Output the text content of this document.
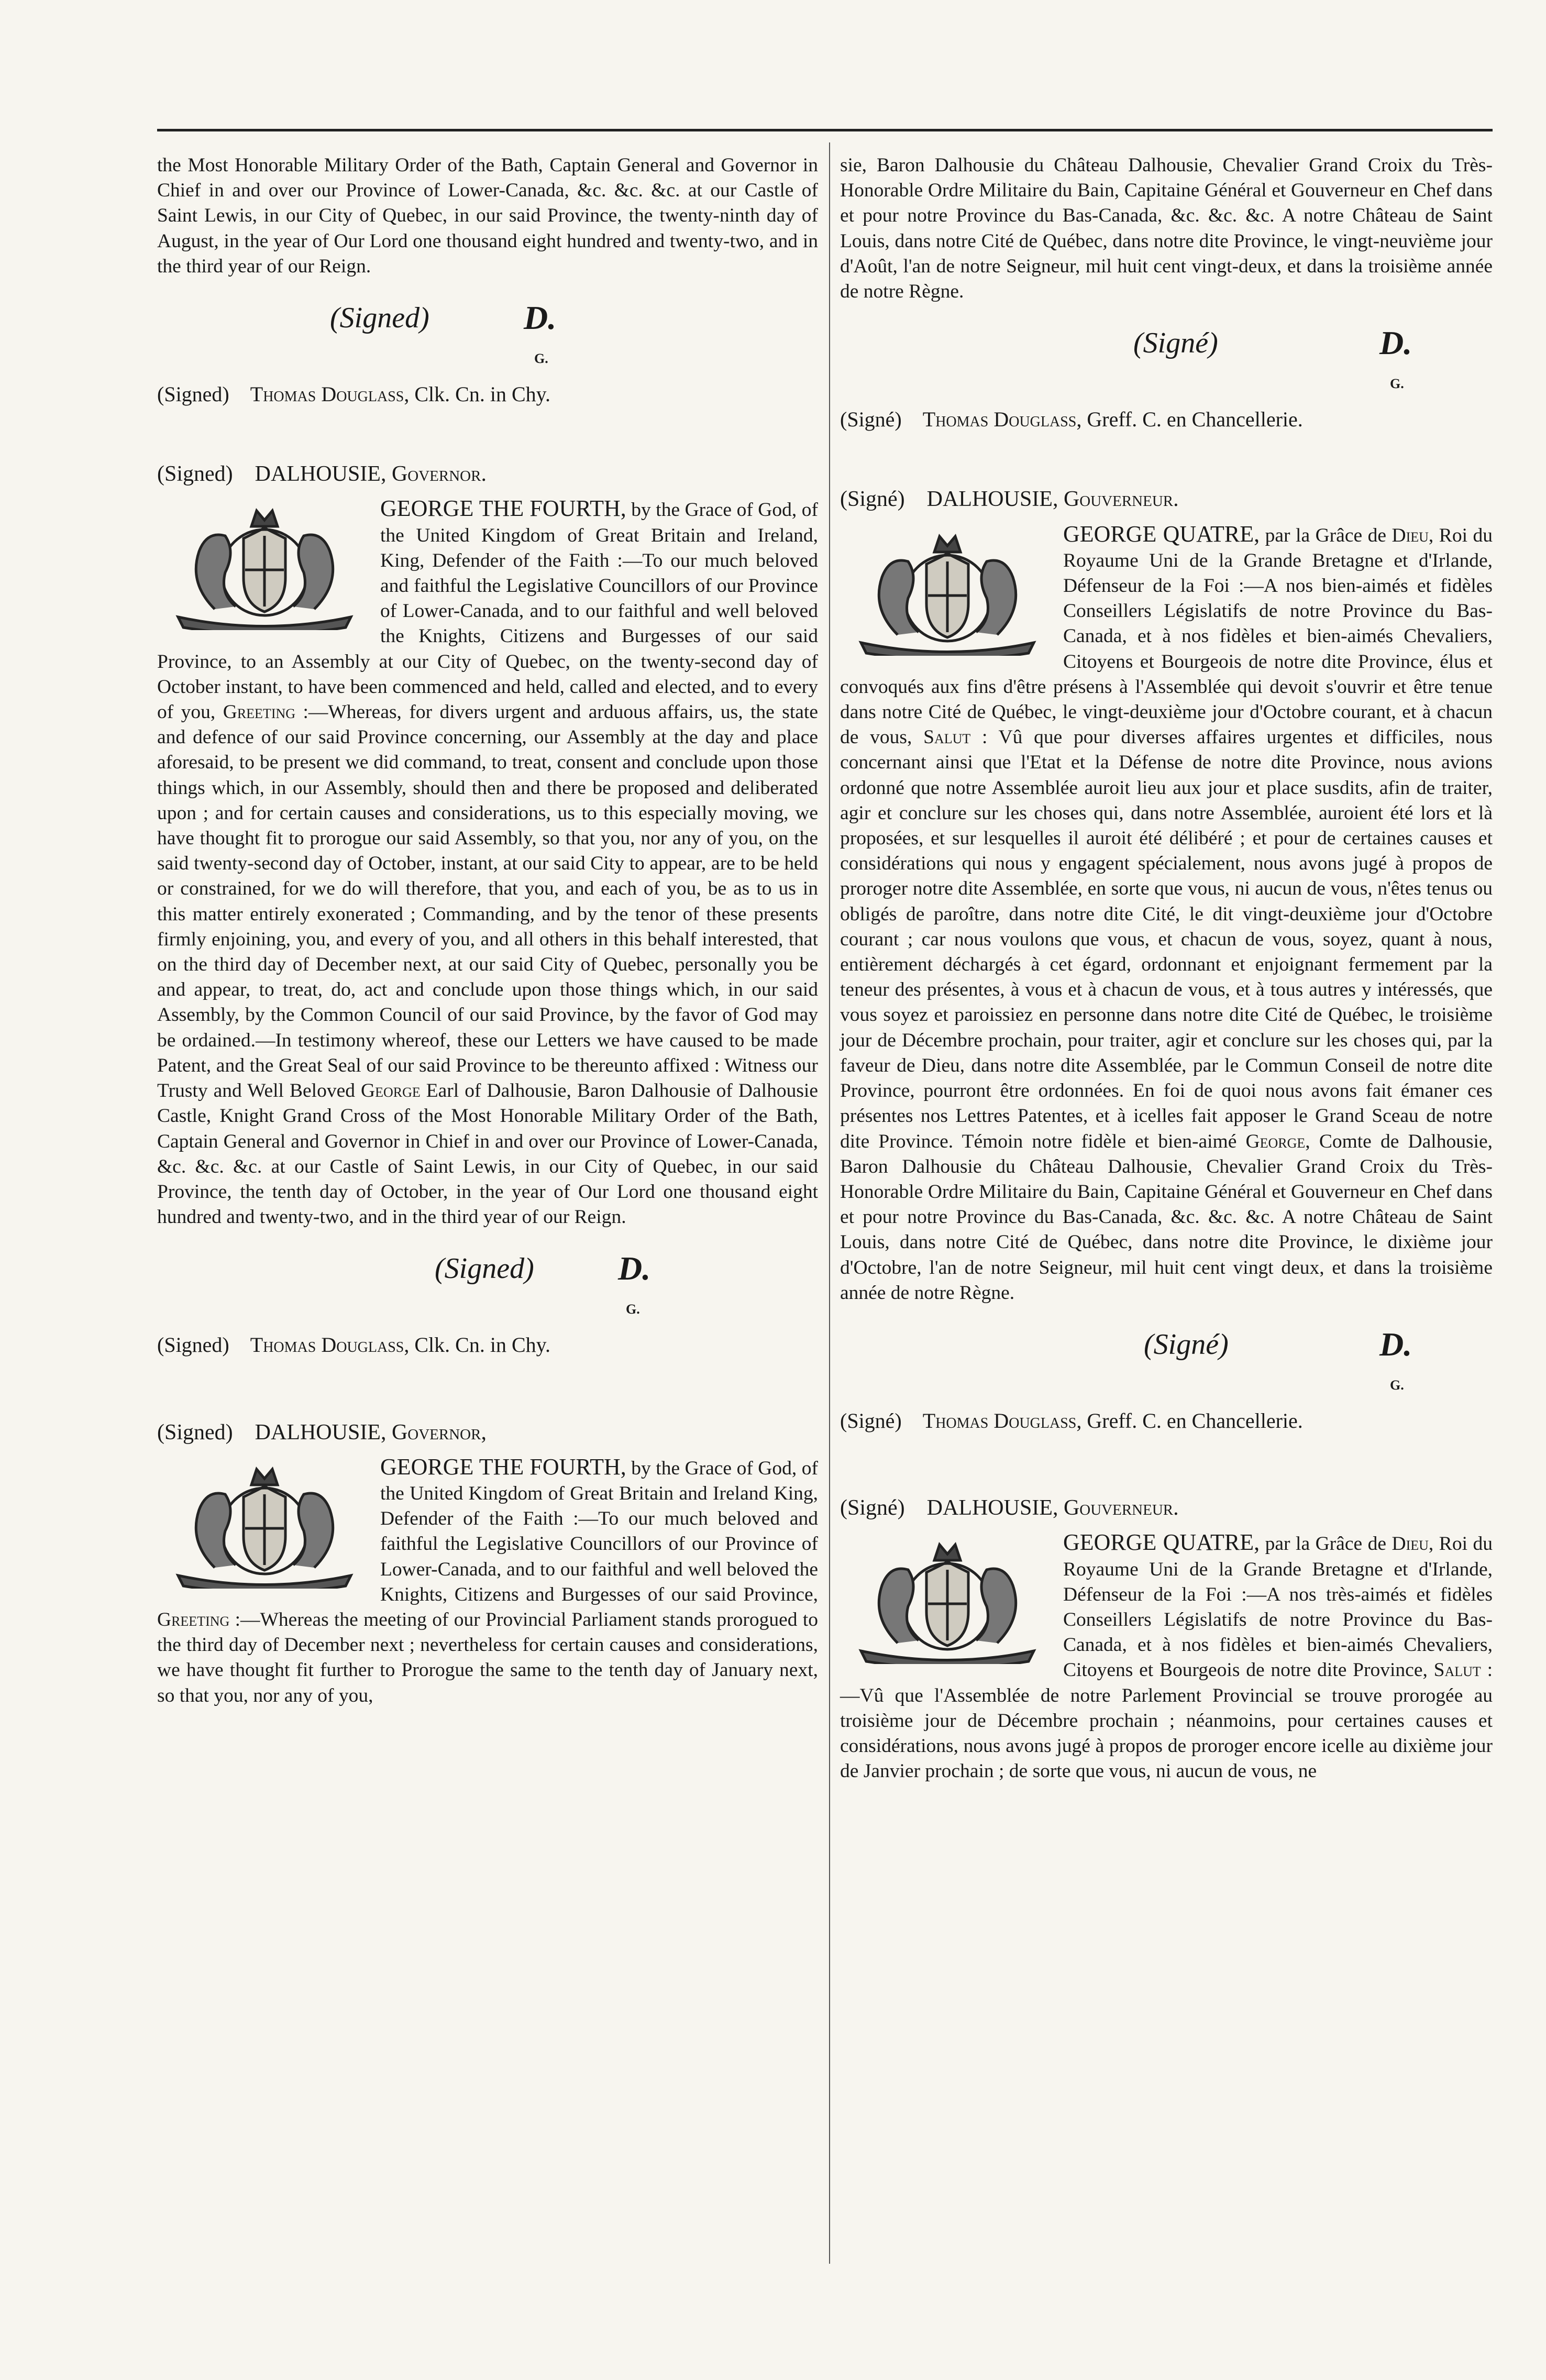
the Most Honorable Military Order of the Bath, Captain General and Governor in Chief in and over our Province of Lower-Canada, &c. &c. &c. at our Castle of Saint Lewis, in our City of Quebec, in our said Province, the twenty-ninth day of August, in the year of Our Lord one thousand eight hundred and twenty-two, and in the third year of our Reign.

(Signed)	D.
G.

(Signed) Thomas Douglass, Clk. Cn. in Chy.

(Signed) DALHOUSIE, Governor.

GEORGE THE FOURTH, by the Grace of God, of the United Kingdom of Great Britain and Ireland, King, Defender of the Faith :—To our much beloved and faithful the Legislative Councillors of our Province of Lower-Canada, and to our faithful and well beloved the Knights, Citizens and Burgesses of our said Province, to an Assembly at our City of Quebec, on the twenty-second day of October instant, to have been commenced and held, called and elected, and to every of you, Greeting :—Whereas, for divers urgent and arduous affairs, us, the state and defence of our said Province concerning, our Assembly at the day and place aforesaid, to be present we did command, to treat, consent and conclude upon those things which, in our Assembly, should then and there be proposed and deliberated upon ; and for certain causes and considerations, us to this especially moving, we have thought fit to prorogue our said Assembly, so that you, nor any of you, on the said twenty-second day of October, instant, at our said City to appear, are to be held or constrained, for we do will therefore, that you, and each of you, be as to us in this matter entirely exonerated ; Commanding, and by the tenor of these presents firmly enjoining, you, and every of you, and all others in this behalf interested, that on the third day of December next, at our said City of Quebec, personally you be and appear, to treat, do, act and conclude upon those things which, in our said Assembly, by the Common Council of our said Province, by the favor of God may be ordained.—In testimony whereof, these our Letters we have caused to be made Patent, and the Great Seal of our said Province to be thereunto affixed : Witness our Trusty and Well Beloved George Earl of Dalhousie, Baron Dalhousie of Dalhousie Castle, Knight Grand Cross of the Most Honorable Military Order of the Bath, Captain General and Governor in Chief in and over our Province of Lower-Canada, &c. &c. &c. at our Castle of Saint Lewis, in our City of Quebec, in our said Province, the tenth day of October, in the year of Our Lord one thousand eight hundred and twenty-two, and in the third year of our Reign.
(Signed)	D.
G.

(Signed) Thomas Douglass, Clk. Cn. in Chy.

(Signed) DALHOUSIE, Governor,

GEORGE THE FOURTH, by the Grace of God, of the United Kingdom of Great Britain and Ireland King, Defender of the Faith :—To our much beloved and faithful the Legislative Councillors of our Province of Lower-Canada, and to our faithful and well beloved the Knights, Citizens and Burgesses of our said Province, Greeting :—Whereas the meeting of our Provincial Parliament stands prorogued to the third day of December next ; nevertheless for certain causes and considerations, we have thought fit further to Prorogue the same to the tenth day of January next, so that you, nor any of you,

sie, Baron Dalhousie du Château Dalhousie, Chevalier Grand Croix du Très-Honorable Ordre Militaire du Bain, Capitaine Général et Gouverneur en Chef dans et pour notre Province du Bas-Canada, &c. &c. &c. A notre Château de Saint Louis, dans notre Cité de Québec, dans notre dite Province, le vingt-neuvième jour d'Août, l'an de notre Seigneur, mil huit cent vingt-deux, et dans la troisième année de notre Règne.

(Signé)	D.
G.

(Signé) Thomas Douglass, Greff. C. en Chancellerie.

(Signé) DALHOUSIE, Gouverneur.

GEORGE QUATRE, par la Grâce de Dieu, Roi du Royaume Uni de la Grande Bretagne et d'Irlande, Défenseur de la Foi :—A nos bien-aimés et fidèles Conseillers Législatifs de notre Province du Bas-Canada, et à nos fidèles et bien-aimés Chevaliers, Citoyens et Bourgeois de notre dite Province, élus et convoqués aux fins d'être présens à l'Assemblée qui devoit s'ouvrir et être tenue dans notre Cité de Québec, le vingt-deuxième jour d'Octobre courant, et à chacun de vous, Salut : Vû que pour diverses affaires urgentes et difficiles, nous concernant ainsi que l'Etat et la Défense de notre dite Province, nous avions ordonné que notre Assemblée auroit lieu aux jour et place susdits, afin de traiter, agir et conclure sur les choses qui, dans notre Assemblée, auroient été lors et là proposées, et sur lesquelles il auroit été délibéré ; et pour de certaines causes et considérations qui nous y engagent spécialement, nous avons jugé à propos de proroger notre dite Assemblée, en sorte que vous, ni aucun de vous, n'êtes tenus ou obligés de paroître, dans notre dite Cité, le dit vingt-deuxième jour d'Octobre courant ; car nous voulons que vous, et chacun de vous, soyez, quant à nous, entièrement déchargés à cet égard, ordonnant et enjoignant fermement par la teneur des présentes, à vous et à chacun de vous, et à tous autres y intéressés, que vous soyez et paroissiez en personne dans notre dite Cité de Québec, le troisième jour de Décembre prochain, pour traiter, agir et conclure sur les choses qui, par la faveur de Dieu, dans notre dite Assemblée, par le Commun Conseil de notre dite Province, pourront être ordonnées. En foi de quoi nous avons fait émaner ces présentes nos Lettres Patentes, et à icelles fait apposer le Grand Sceau de notre dite Province. Témoin notre fidèle et bien-aimé George, Comte de Dalhousie, Baron Dalhousie du Château Dalhousie, Chevalier Grand Croix du Très-Honorable Ordre Militaire du Bain, Capitaine Général et Gouverneur en Chef dans et pour notre Province du Bas-Canada, &c. &c. &c. A notre Château de Saint Louis, dans notre Cité de Québec, dans notre dite Province, le dixième jour d'Octobre, l'an de notre Seigneur, mil huit cent vingt deux, et dans la troisième année de notre Règne.
(Signé)	D.
G.

(Signé) Thomas Douglass, Greff. C. en Chancellerie.

(Signé) DALHOUSIE, Gouverneur.

GEORGE QUATRE, par la Grâce de Dieu, Roi du Royaume Uni de la Grande Bretagne et d'Irlande, Défenseur de la Foi :—A nos très-aimés et fidèles Conseillers Législatifs de notre Province du Bas-Canada, et à nos fidèles et bien-aimés Chevaliers, Citoyens et Bourgeois de notre dite Province, Salut :—Vû que l'Assemblée de notre Parlement Provincial se trouve prorogée au troisième jour de Décembre prochain ; néanmoins, pour certaines causes et considérations, nous avons jugé à propos de proroger encore icelle au dixième jour de Janvier prochain ; de sorte que vous, ni aucun de vous, ne
